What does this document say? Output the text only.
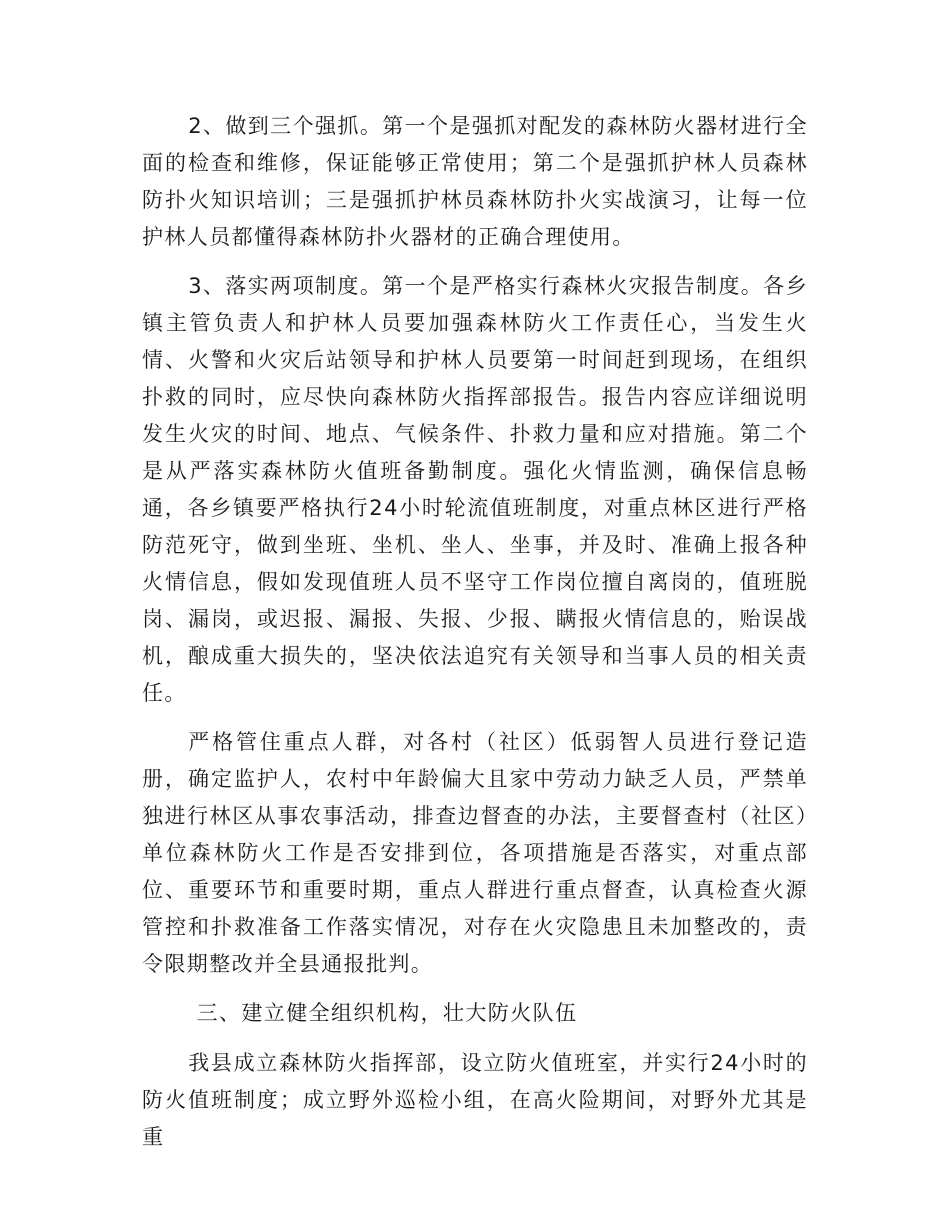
2、做到三个强抓。第一个是强抓对配发的森林防火器材进行全面的检查和维修，保证能够正常使用；第二个是强抓护林人员森林防扑火知识培训；三是强抓护林员森林防扑火实战演习，让每一位护林人员都懂得森林防扑火器材的正确合理使用。

3、落实两项制度。第一个是严格实行森林火灾报告制度。各乡镇主管负责人和护林人员要加强森林防火工作责任心，当发生火情、火警和火灾后站领导和护林人员要第一时间赶到现场，在组织扑救的同时，应尽快向森林防火指挥部报告。报告内容应详细说明发生火灾的时间、地点、气候条件、扑救力量和应对措施。第二个是从严落实森林防火值班备勤制度。强化火情监测，确保信息畅通，各乡镇要严格执行24小时轮流值班制度，对重点林区进行严格防范死守，做到坐班、坐机、坐人、坐事，并及时、准确上报各种火情信息，假如发现值班人员不坚守工作岗位擅自离岗的，值班脱岗、漏岗，或迟报、漏报、失报、少报、瞒报火情信息的，贻误战机，酿成重大损失的，坚决依法追究有关领导和当事人员的相关责任。

严格管住重点人群，对各村（社区）低弱智人员进行登记造册，确定监护人，农村中年龄偏大且家中劳动力缺乏人员，严禁单独进行林区从事农事活动，排查边督查的办法，主要督查村（社区）单位森林防火工作是否安排到位，各项措施是否落实，对重点部位、重要环节和重要时期，重点人群进行重点督查，认真检查火源管控和扑救准备工作落实情况，对存在火灾隐患且未加整改的，责令限期整改并全县通报批判。

三、建立健全组织机构，壮大防火队伍

我县成立森林防火指挥部，设立防火值班室，并实行24小时的防火值班制度；成立野外巡检小组，在高火险期间，对野外尤其是重
